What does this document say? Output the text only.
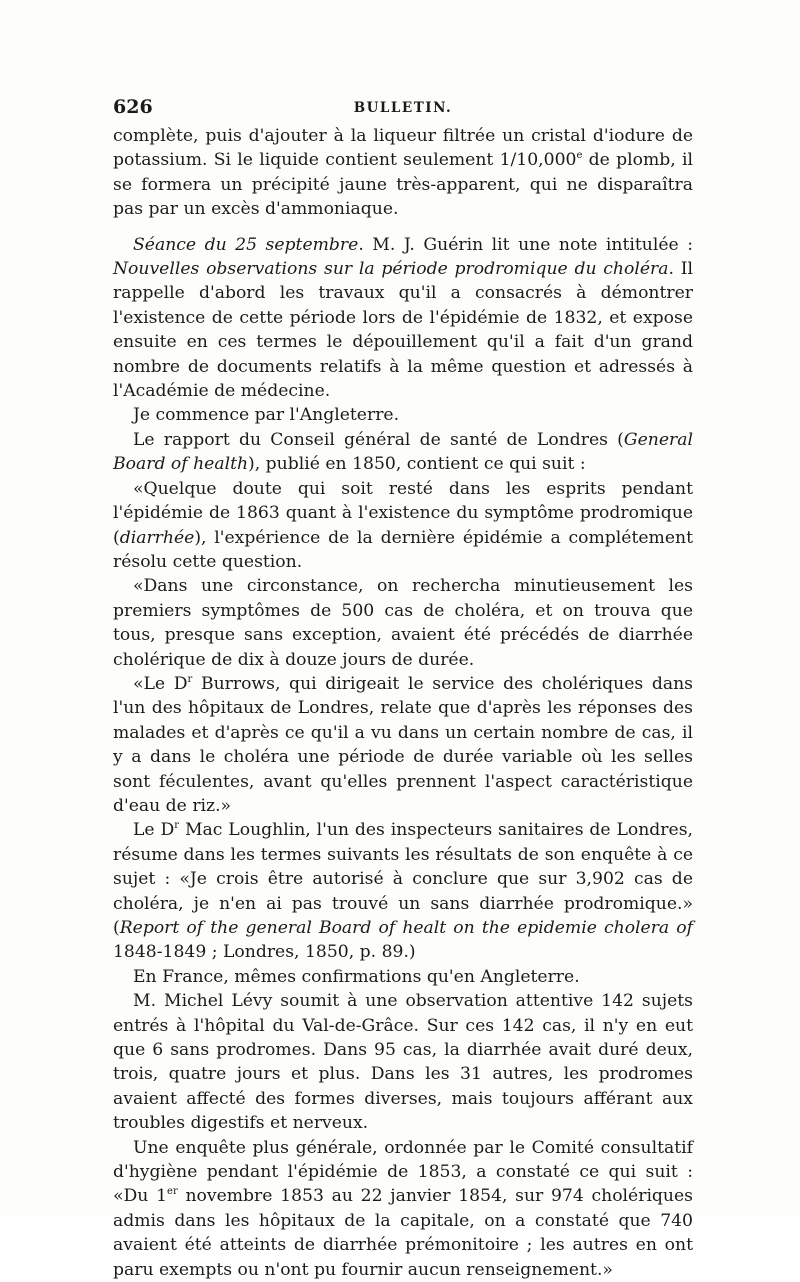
626	BULLETIN.

complète, puis d'ajouter à la liqueur filtrée un cristal d'iodure de potassium. Si le liquide contient seulement 1/10,000e de plomb, il se formera un précipité jaune très-apparent, qui ne disparaîtra pas par un excès d'ammoniaque.

Séance du 25 septembre. M. J. Guérin lit une note intitulée : Nouvelles observations sur la période prodromique du choléra. Il rappelle d'abord les travaux qu'il a consacrés à démontrer l'existence de cette période lors de l'épidémie de 1832, et expose ensuite en ces termes le dépouillement qu'il a fait d'un grand nombre de documents relatifs à la même question et adressés à l'Académie de médecine.

Je commence par l'Angleterre.

Le rapport du Conseil général de santé de Londres (General Board of health), publié en 1850, contient ce qui suit :

«Quelque doute qui soit resté dans les esprits pendant l'épidémie de 1863 quant à l'existence du symptôme prodromique (diarrhée), l'expérience de la dernière épidémie a complétement résolu cette question.

«Dans une circonstance, on rechercha minutieusement les premiers symptômes de 500 cas de choléra, et on trouva que tous, presque sans exception, avaient été précédés de diarrhée cholérique de dix à douze jours de durée.

«Le $D^r$ Burrows, qui dirigeait le service des cholériques dans l'un des hôpitaux de Londres, relate que d'après les réponses des malades et d'après ce qu'il a vu dans un certain nombre de cas, il y a dans le choléra une période de durée variable où les selles sont féculentes, avant qu'elles prennent l'aspect caractéristique d'eau de riz.»

Le $D^r$ Mac Loughlin, l'un des inspecteurs sanitaires de Londres, résume dans les termes suivants les résultats de son enquête à ce sujet : «Je crois être autorisé à conclure que sur 3,902 cas de choléra, je n'en ai pas trouvé un sans diarrhée prodromique.» (Report of the general Board of healt on the epidemie cholera of 1848-1849 ; Londres, 1850, p. 89.)

En France, mêmes confirmations qu'en Angleterre.

M. Michel Lévy soumit à une observation attentive 142 sujets entrés à l'hôpital du Val-de-Grâce. Sur ces 142 cas, il n'y en eut que 6 sans prodromes. Dans 95 cas, la diarrhée avait duré deux, trois, quatre jours et plus. Dans les 31 autres, les prodromes avaient affecté des formes diverses, mais toujours afférant aux troubles digestifs et nerveux.

Une enquête plus générale, ordonnée par le Comité consultatif d'hygiène pendant l'épidémie de 1853, a constaté ce qui suit : «Du 1er novembre 1853 au 22 janvier 1854, sur 974 cholériques admis dans les hôpitaux de la capitale, on a constaté que 740 avaient été atteints de diarrhée prémonitoire ; les autres en ont paru exempts ou n'ont pu fournir aucun renseignement.»
